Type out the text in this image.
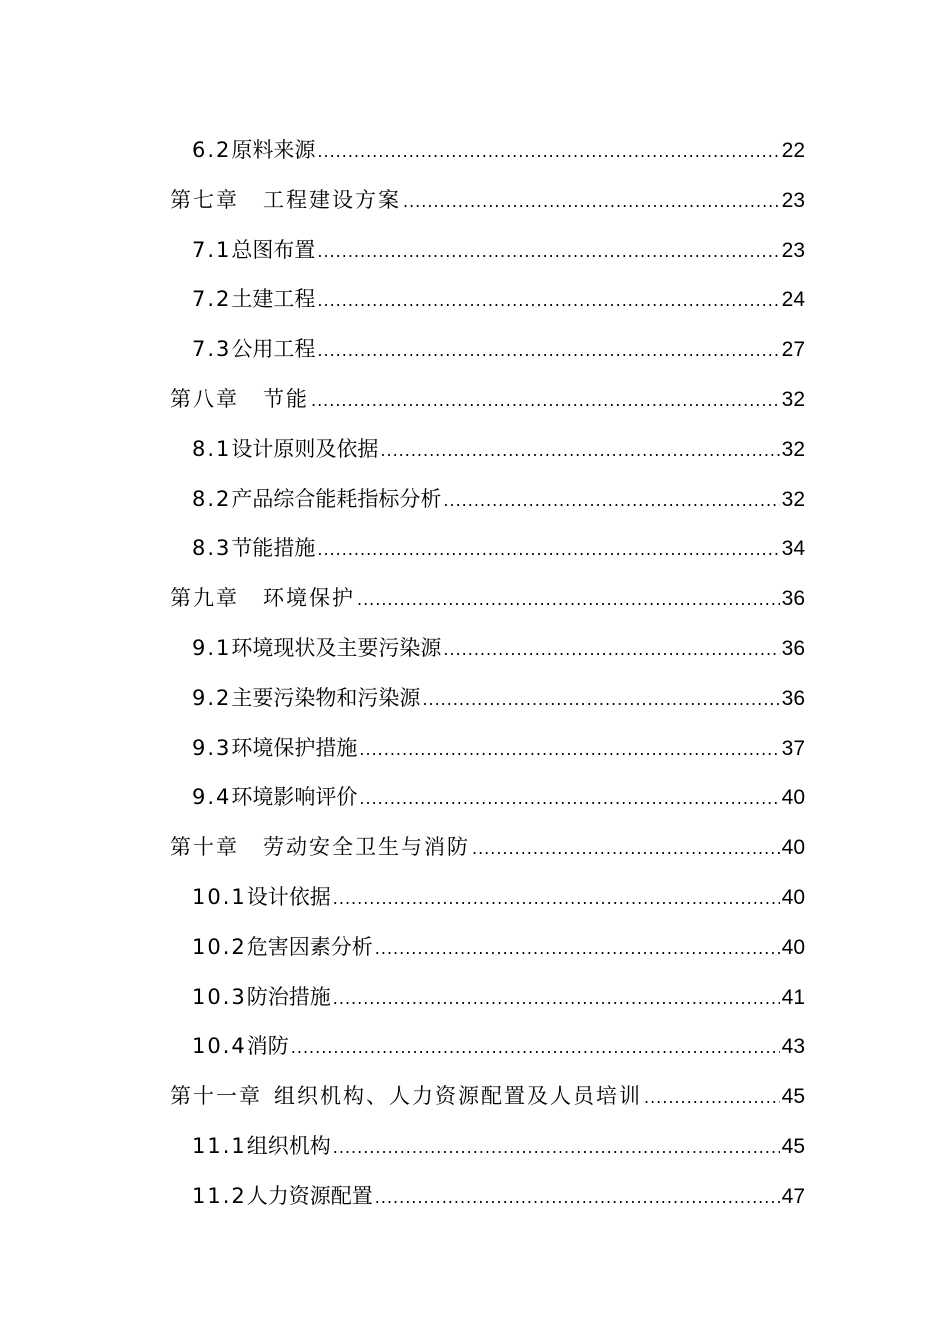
6.2 原料来源 .....	22
第七章 工程建设方案 .....	23
7.1 总图布置 .....	23
7.2 土建工程 .....	24
7.3 公用工程 .....	27
第八章 节能 .....	32
8.1 设计原则及依据 .....	32
8.2 产品综合能耗指标分析 .....	32
8.3 节能措施 .....	34
第九章 环境保护 .....	36
9.1 环境现状及主要污染源 .....	36
9.2 主要污染物和污染源 .....	36
9.3 环境保护措施 .....	37
9.4 环境影响评价 .....	40
第十章 劳动安全卫生与消防 .....	40
10.1 设计依据 .....	40
10.2 危害因素分析 .....	40
10.3 防治措施 .....	41
10.4 消防 .....	43
第十一章 组织机构、人力资源配置及人员培训 .....	45
11.1 组织机构 .....	45
11.2 人力资源配置 .....	47
